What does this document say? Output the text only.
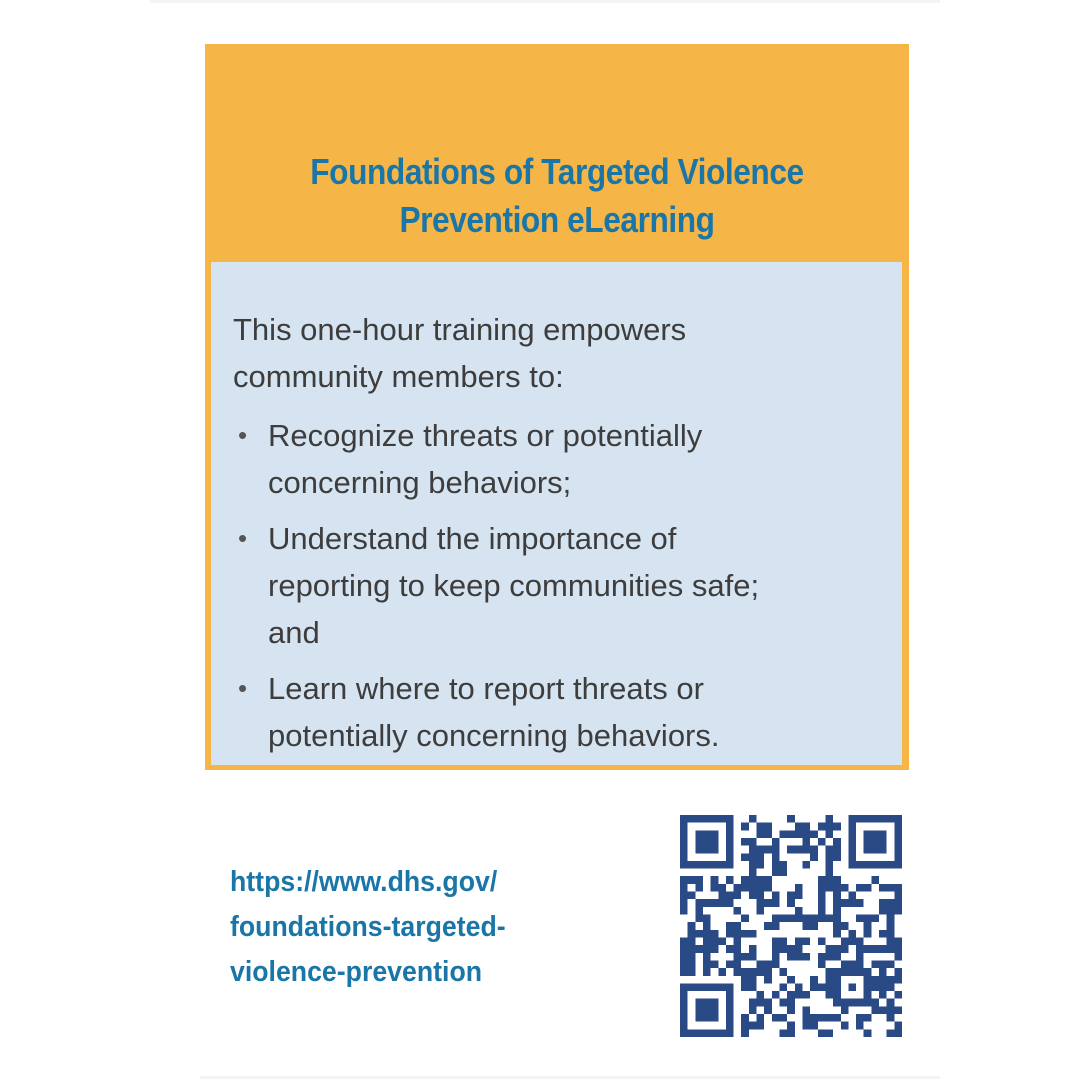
Foundations of Targeted Violence
Prevention eLearning

This one-hour training empowers
community members to:

• Recognize threats or potentially
concerning behaviors;
• Understand the importance of
reporting to keep communities safe;
and
• Learn where to report threats or
potentially concerning behaviors.
https://www.dhs.gov/
foundations-targeted-
violence-prevention
